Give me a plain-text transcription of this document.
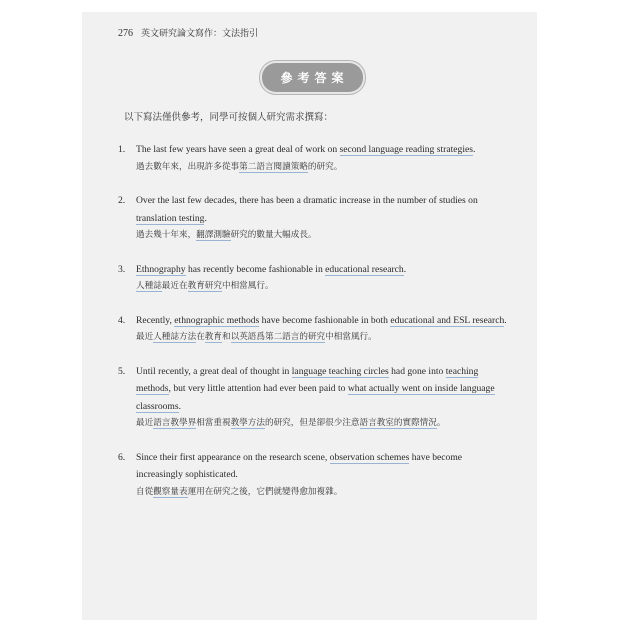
276 英文研究論文寫作：文法指引
參考答案
以下寫法僅供參考，同學可按個人研究需求撰寫：
1. The last few years have seen a great deal of work on second language reading strategies.
過去數年來，出現許多從事第二語言閱讀策略的研究。
2. Over the last few decades, there has been a dramatic increase in the number of studies on translation testing.
過去幾十年來，翻譯測驗研究的數量大幅成長。
3. Ethnography has recently become fashionable in educational research.
人種誌最近在教育研究中相當風行。
4. Recently, ethnographic methods have become fashionable in both educational and ESL research.
最近人種誌方法在教育和以英語爲第二語言的研究中相當風行。
5. Until recently, a great deal of thought in language teaching circles had gone into teaching methods, but very little attention had ever been paid to what actually went on inside language classrooms.
最近語言教學界相當重視教學方法的研究，但是卻很少注意語言教室的實際情況。
6. Since their first appearance on the research scene, observation schemes have become increasingly sophisticated.
自從觀察量表運用在研究之後，它們就變得愈加複雜。
